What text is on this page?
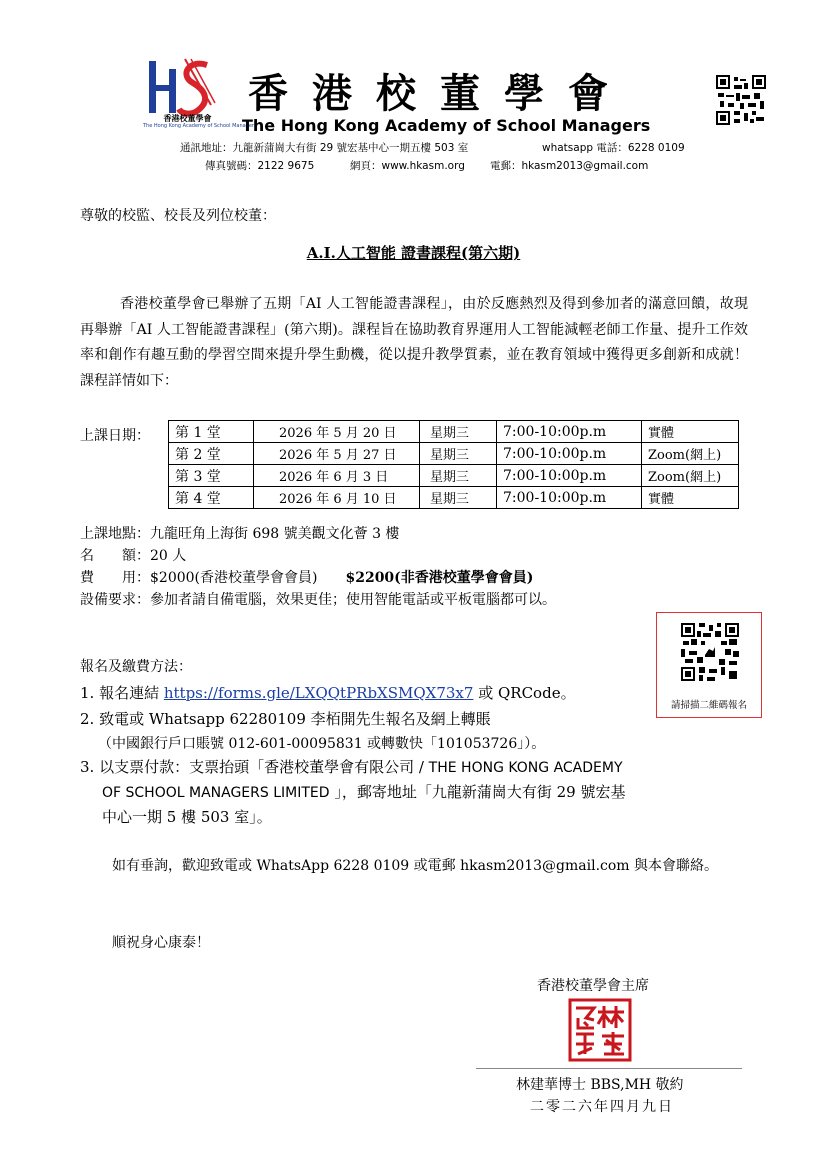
香港校董學會
The Hong Kong Academy of School Managers
香港校董學會
The Hong Kong Academy of School Managers
通訊地址：九龍新蒲崗大有街 29 號宏基中心一期五樓 503 室	whatsapp 電話：6228 0109
傳真號碼：2122 9675	網頁：www.hkasm.org 電郵：hkasm2013@gmail.com
尊敬的校監、校長及列位校董：
A.I.人工智能 證書課程(第六期)
香港校董學會已舉辦了五期「AI 人工智能證書課程」，由於反應熱烈及得到參加者的滿意回饋，故現再舉辦「AI 人工智能證書課程」(第六期)。課程旨在協助教育界運用人工智能減輕老師工作量、提升工作效率和創作有趣互動的學習空間來提升學生動機，從以提升教學質素，並在教育領域中獲得更多創新和成就！課程詳情如下：
上課日期： 第 1 堂	2026 年 5 月 20 日	星期三	7:00-10:00p.m	實體
第 2 堂	2026 年 5 月 27 日	星期三	7:00-10:00p.m	Zoom(網上)
第 3 堂	2026 年 6 月 3 日	星期三	7:00-10:00p.m	Zoom(網上)
第 4 堂	2026 年 6 月 10 日	星期三	7:00-10:00p.m	實體
上課地點：九龍旺角上海街 698 號美觀文化薈 3 樓
名　　額：20 人
費　　用：$2000(香港校董學會會員) $2200(非香港校董學會會員)
設備要求：參加者請自備電腦，效果更佳；使用智能電話或平板電腦都可以。
請掃描二維碼報名
報名及繳費方法：
1. 報名連結 https://forms.gle/LXQQtPRbXSMQX73x7 或 QRCode。
2. 致電或 Whatsapp 62280109 李栢開先生報名及網上轉賬
（中國銀行戶口賬號 012-601-00095831 或轉數快「101053726」）。
3. 以支票付款：支票抬頭「香港校董學會有限公司 / THE HONG KONG ACADEMY
OF SCHOOL MANAGERS LIMITED 」，郵寄地址「九龍新蒲崗大有街 29 號宏基
中心一期 5 樓 503 室」。
如有垂詢，歡迎致電或 WhatsApp 6228 0109 或電郵 hkasm2013@gmail.com 與本會聯絡。
順祝身心康泰！
香港校董學會主席
林建華博士 BBS,MH 敬約
二零二六年四月九日
